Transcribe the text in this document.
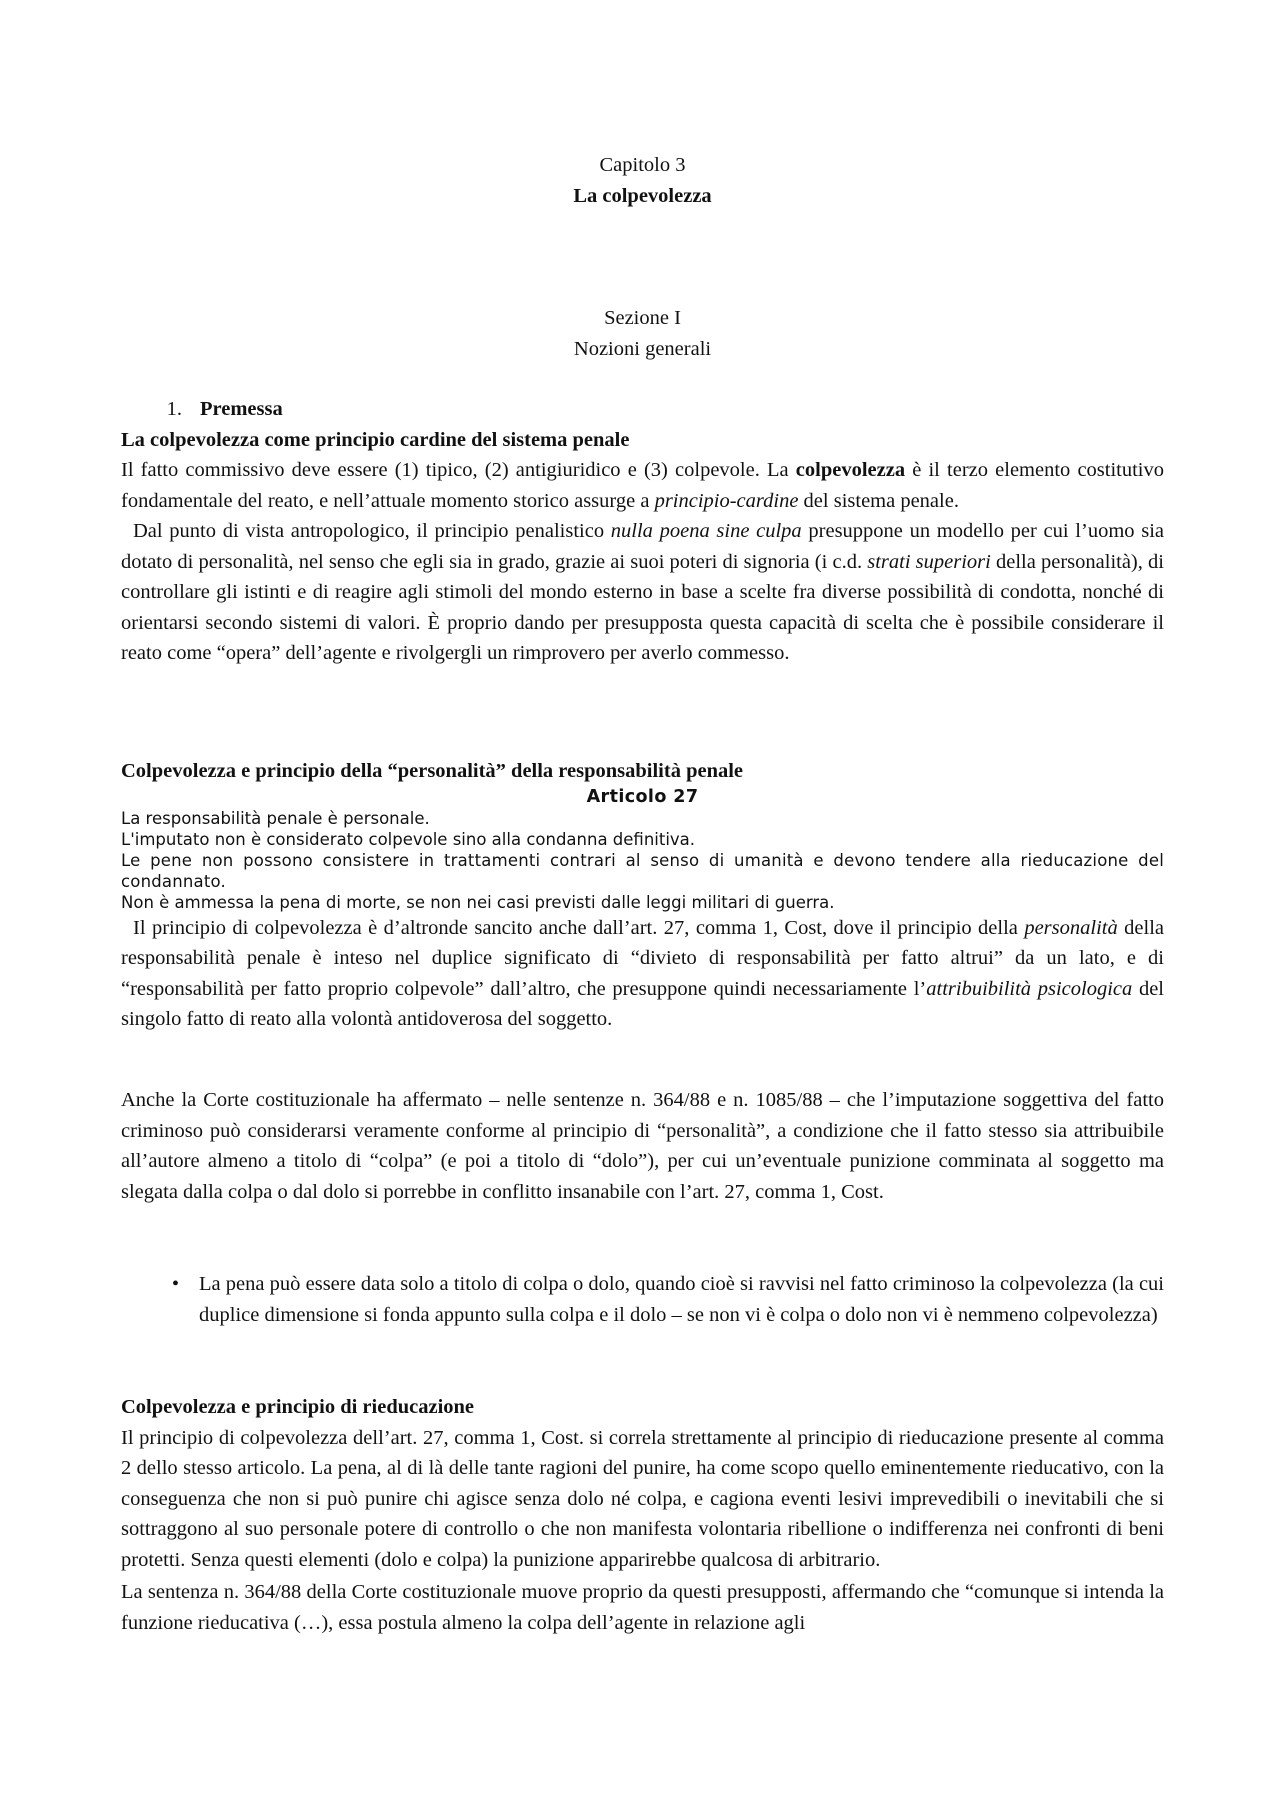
Capitolo 3

La colpevolezza

Sezione I

Nozioni generali

1. Premessa

La colpevolezza come principio cardine del sistema penale

Il fatto commissivo deve essere (1) tipico, (2) antigiuridico e (3) colpevole. La colpevolezza è il terzo elemento costitutivo fondamentale del reato, e nell’attuale momento storico assurge a principio-cardine del sistema penale.

Dal punto di vista antropologico, il principio penalistico nulla poena sine culpa presuppone un modello per cui l’uomo sia dotato di personalità, nel senso che egli sia in grado, grazie ai suoi poteri di signoria (i c.d. strati superiori della personalità), di controllare gli istinti e di reagire agli stimoli del mondo esterno in base a scelte fra diverse possibilità di condotta, nonché di orientarsi secondo sistemi di valori. È proprio dando per presupposta questa capacità di scelta che è possibile considerare il reato come “opera” dell’agente e rivolgergli un rimprovero per averlo commesso.

Colpevolezza e principio della “personalità” della responsabilità penale

Articolo 27

La responsabilità penale è personale.

L'imputato non è considerato colpevole sino alla condanna definitiva.

Le pene non possono consistere in trattamenti contrari al senso di umanità e devono tendere alla rieducazione del condannato.

Non è ammessa la pena di morte, se non nei casi previsti dalle leggi militari di guerra.

Il principio di colpevolezza è d’altronde sancito anche dall’art. 27, comma 1, Cost, dove il principio della personalità della responsabilità penale è inteso nel duplice significato di “divieto di responsabilità per fatto altrui” da un lato, e di “responsabilità per fatto proprio colpevole” dall’altro, che presuppone quindi necessariamente l’attribuibilità psicologica del singolo fatto di reato alla volontà antidoverosa del soggetto.

Anche la Corte costituzionale ha affermato – nelle sentenze n. 364/88 e n. 1085/88 – che l’imputazione soggettiva del fatto criminoso può considerarsi veramente conforme al principio di “personalità”, a condizione che il fatto stesso sia attribuibile all’autore almeno a titolo di “colpa” (e poi a titolo di “dolo”), per cui un’eventuale punizione comminata al soggetto ma slegata dalla colpa o dal dolo si porrebbe in conflitto insanabile con l’art. 27, comma 1, Cost.

• La pena può essere data solo a titolo di colpa o dolo, quando cioè si ravvisi nel fatto criminoso la colpevolezza (la cui duplice dimensione si fonda appunto sulla colpa e il dolo – se non vi è colpa o dolo non vi è nemmeno colpevolezza)

Colpevolezza e principio di rieducazione

Il principio di colpevolezza dell’art. 27, comma 1, Cost. si correla strettamente al principio di rieducazione presente al comma 2 dello stesso articolo. La pena, al di là delle tante ragioni del punire, ha come scopo quello eminentemente rieducativo, con la conseguenza che non si può punire chi agisce senza dolo né colpa, e cagiona eventi lesivi imprevedibili o inevitabili che si sottraggono al suo personale potere di controllo o che non manifesta volontaria ribellione o indifferenza nei confronti di beni protetti. Senza questi elementi (dolo e colpa) la punizione apparirebbe qualcosa di arbitrario.

La sentenza n. 364/88 della Corte costituzionale muove proprio da questi presupposti, affermando che “comunque si intenda la funzione rieducativa (…), essa postula almeno la colpa dell’agente in relazione agli
